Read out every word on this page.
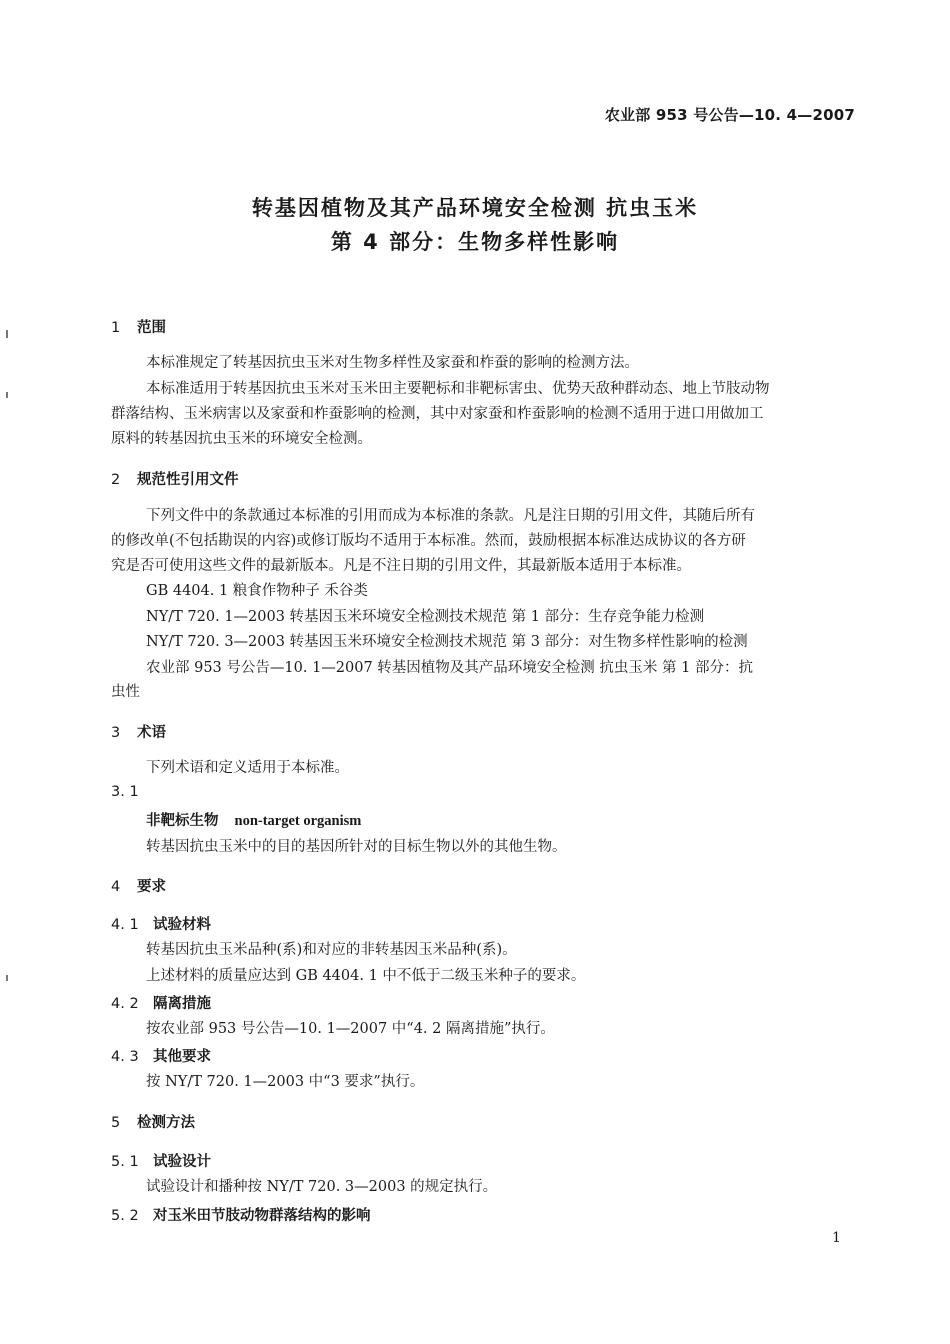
农业部 953 号公告—10. 4—2007
转基因植物及其产品环境安全检测 抗虫玉米
第 4 部分：生物多样性影响
1 范围
本标准规定了转基因抗虫玉米对生物多样性及家蚕和柞蚕的影响的检测方法。
本标准适用于转基因抗虫玉米对玉米田主要靶标和非靶标害虫、优势天敌种群动态、地上节肢动物
群落结构、玉米病害以及家蚕和柞蚕影响的检测，其中对家蚕和柞蚕影响的检测不适用于进口用做加工
原料的转基因抗虫玉米的环境安全检测。
2 规范性引用文件
下列文件中的条款通过本标准的引用而成为本标准的条款。凡是注日期的引用文件，其随后所有
的修改单(不包括勘误的内容)或修订版均不适用于本标准。然而，鼓励根据本标准达成协议的各方研
究是否可使用这些文件的最新版本。凡是不注日期的引用文件，其最新版本适用于本标准。
GB 4404. 1 粮食作物种子 禾谷类
NY/T 720. 1—2003 转基因玉米环境安全检测技术规范 第 1 部分：生存竞争能力检测
NY/T 720. 3—2003 转基因玉米环境安全检测技术规范 第 3 部分：对生物多样性影响的检测
农业部 953 号公告—10. 1—2007 转基因植物及其产品环境安全检测 抗虫玉米 第 1 部分：抗
虫性
3 术语
下列术语和定义适用于本标准。
3. 1
非靶标生物 non-target organism
转基因抗虫玉米中的目的基因所针对的目标生物以外的其他生物。
4 要求
4. 1 试验材料
转基因抗虫玉米品种(系)和对应的非转基因玉米品种(系)。
上述材料的质量应达到 GB 4404. 1 中不低于二级玉米种子的要求。
4. 2 隔离措施
按农业部 953 号公告—10. 1—2007 中“4. 2 隔离措施”执行。
4. 3 其他要求
按 NY/T 720. 1—2003 中“3 要求”执行。
5 检测方法
5. 1 试验设计
试验设计和播种按 NY/T 720. 3—2003 的规定执行。
5. 2 对玉米田节肢动物群落结构的影响
1
